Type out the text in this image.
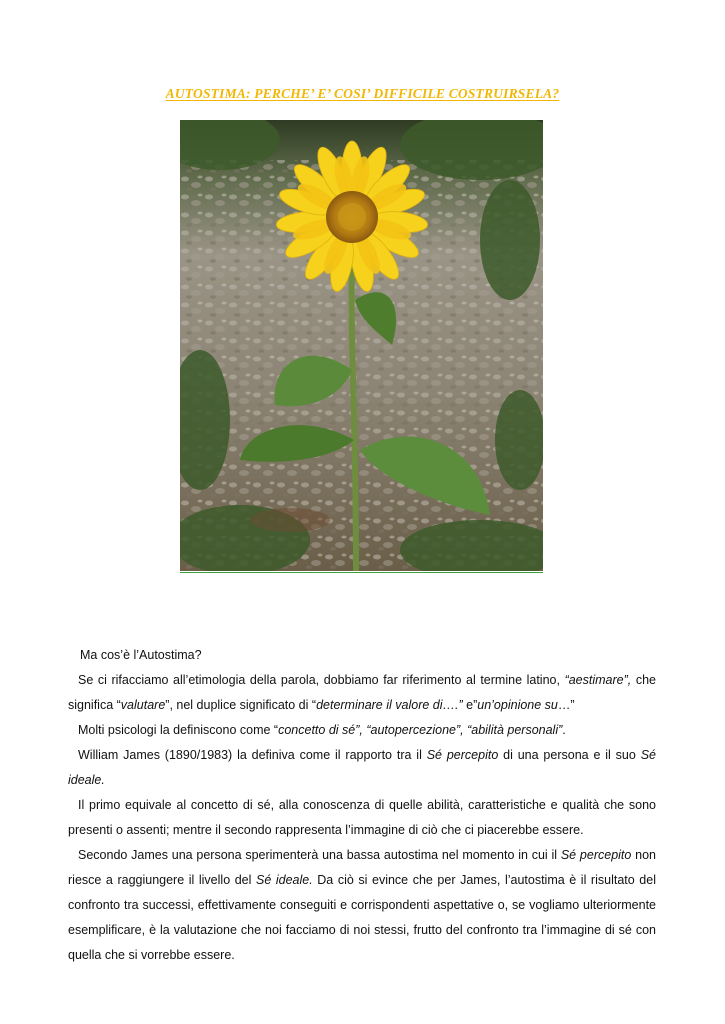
AUTOSTIMA: PERCHE’ E’ COSI’ DIFFICILE COSTRUIRSELA?

Ma cos’è l’Autostima?

Se ci rifacciamo all’etimologia della parola, dobbiamo far riferimento al termine latino, “aestimare”, che significa “valutare”, nel duplice significato di “determinare il valore di….” e”un’opinione su…”

Molti psicologi la definiscono come “concetto di sé”, “autopercezione”, “abilità personali”.

William James (1890/1983) la definiva come il rapporto tra il Sé percepito di una persona e il suo Sé ideale.

Il primo equivale al concetto di sé, alla conoscenza di quelle abilità, caratteristiche e qualità che sono presenti o assenti; mentre il secondo rappresenta l’immagine di ciò che ci piacerebbe essere.

Secondo James una persona sperimenterà una bassa autostima nel momento in cui il Sé percepito non riesce a raggiungere il livello del Sé ideale. Da ciò si evince che per James, l’autostima è il risultato del confronto tra successi, effettivamente conseguiti e corrispondenti aspettative o, se vogliamo ulteriormente esemplificare, è la valutazione che noi facciamo di noi stessi, frutto del confronto tra l’immagine di sé con quella che si vorrebbe essere.
